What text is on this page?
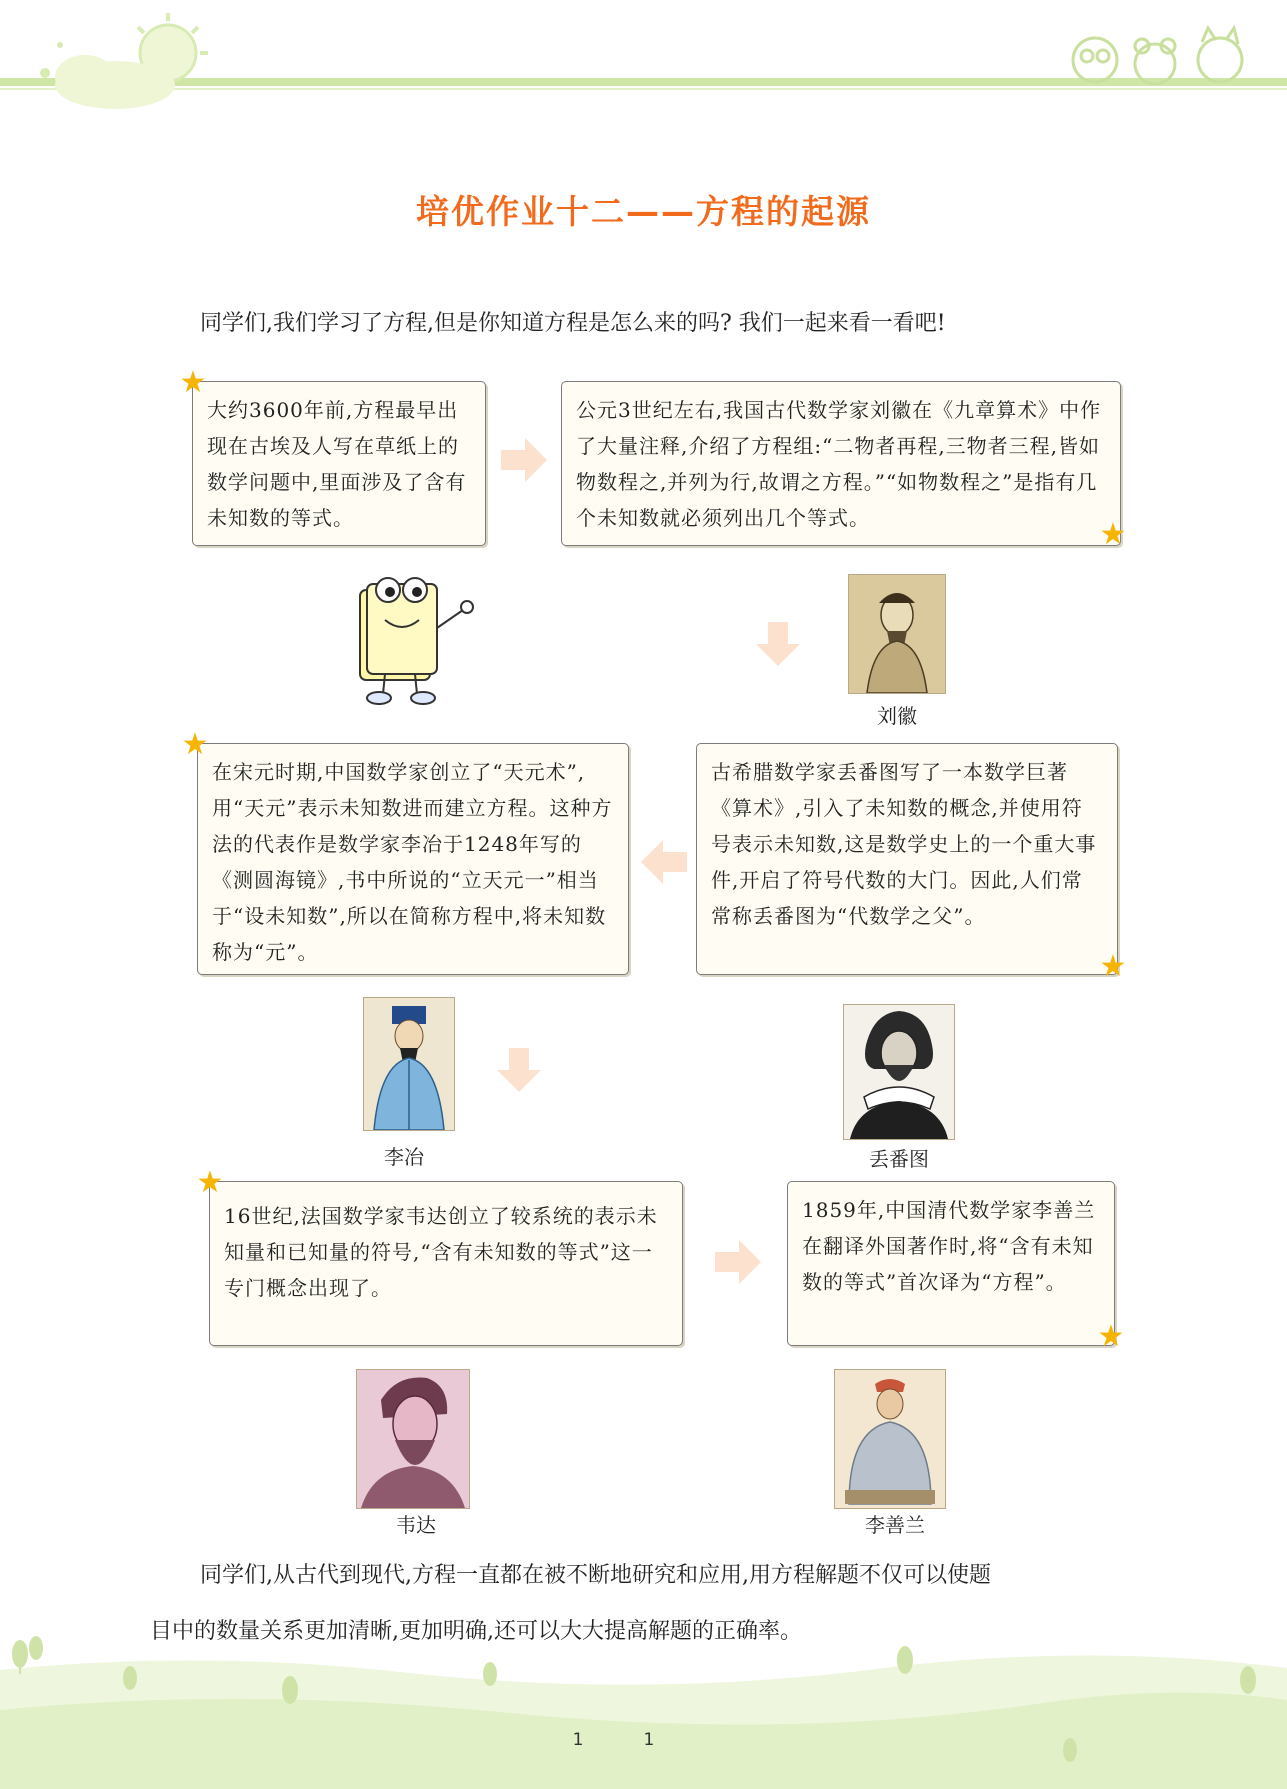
培优作业十二——方程的起源
同学们,我们学习了方程,但是你知道方程是怎么来的吗? 我们一起来看一看吧!
大约3600年前,方程最早出现在古埃及人写在草纸上的数学问题中,里面涉及了含有未知数的等式。
★
公元3世纪左右,我国古代数学家刘徽在《九章算术》中作了大量注释,介绍了方程组:“二物者再程,三物者三程,皆如物数程之,并列为行,故谓之方程。”“如物数程之”是指有几个未知数就必须列出几个等式。	★
刘徽
在宋元时期,中国数学家创立了“天元术”,用“天元”表示未知数进而建立方程。这种方法的代表作是数学家李冶于1248年写的《测圆海镜》,书中所说的“立天元一”相当于“设未知数”,所以在简称方程中,将未知数称为“元”。
★
古希腊数学家丢番图写了一本数学巨著《算术》,引入了未知数的概念,并使用符号表示未知数,这是数学史上的一个重大事件,开启了符号代数的大门。因此,人们常常称丢番图为“代数学之父”。
★
李冶	丢番图
16世纪,法国数学家韦达创立了较系统的表示未知量和已知量的符号,“含有未知数的等式”这一专门概念出现了。
★
1859年,中国清代数学家李善兰在翻译外国著作时,将“含有未知数的等式”首次译为“方程”。
★
韦达	李善兰
同学们,从古代到现代,方程一直都在被不断地研究和应用,用方程解题不仅可以使题
目中的数量关系更加清晰,更加明确,还可以大大提高解题的正确率。
11
